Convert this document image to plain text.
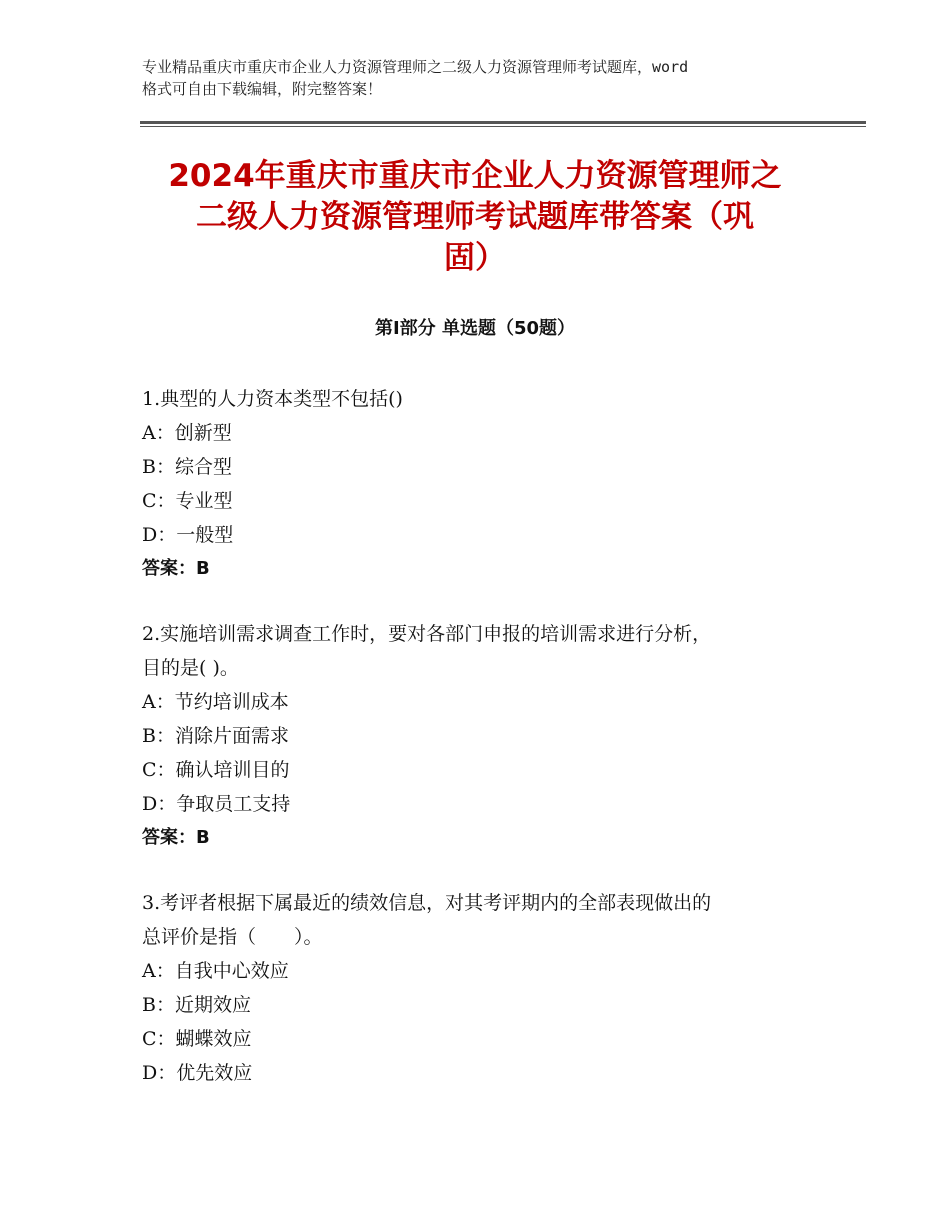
专业精品重庆市重庆市企业人力资源管理师之二级人力资源管理师考试题库，word
格式可自由下载编辑，附完整答案！
2024年重庆市重庆市企业人力资源管理师之
二级人力资源管理师考试题库带答案（巩
固）
第Ⅰ部分 单选题（50题）

1.典型的人力资本类型不包括()

A：创新型

B：综合型

C：专业型

D：一般型

答案：B

2.实施培训需求调查工作时，要对各部门申报的培训需求进行分析，

目的是( )。

A：节约培训成本

B：消除片面需求

C：确认培训目的

D：争取员工支持

答案：B

3.考评者根据下属最近的绩效信息，对其考评期内的全部表现做出的

总评价是指（　　）。

A：自我中心效应

B：近期效应

C：蝴蝶效应

D：优先效应
